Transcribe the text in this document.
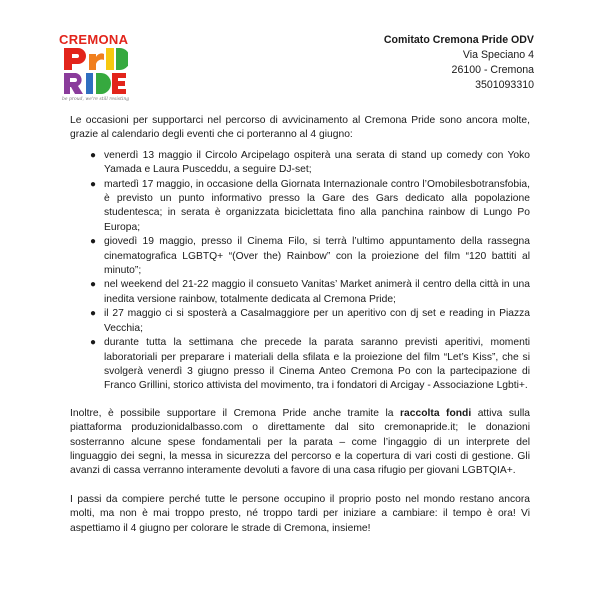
CREMONA
be proud, we're still resisting
Comitato Cremona Pride ODV
Via Speciano 4
26100 - Cremona
3501093310

Le occasioni per supportarci nel percorso di avvicinamento al Cremona Pride sono ancora molte, grazie al calendario degli eventi che ci porteranno al 4 giugno:

● venerdì 13 maggio il Circolo Arcipelago ospiterà una serata di stand up comedy con Yoko Yamada e Laura Pusceddu, a seguire DJ-set;
● martedì 17 maggio, in occasione della Giornata Internazionale contro l’Omobilesbotransfobia, è previsto un punto informativo presso la Gare des Gars dedicato alla popolazione studentesca; in serata è organizzata biciclettata fino alla panchina rainbow di Lungo Po Europa;
● giovedì 19 maggio, presso il Cinema Filo, si terrà l’ultimo appuntamento della rassegna cinematografica LGBTQ+ “(Over the) Rainbow” con la proiezione del film “120 battiti al minuto”;
● nel weekend del 21-22 maggio il consueto Vanitas’ Market animerà il centro della città in una inedita versione rainbow, totalmente dedicata al Cremona Pride;
● il 27 maggio ci si sposterà a Casalmaggiore per un aperitivo con dj set e reading in Piazza Vecchia;
● durante tutta la settimana che precede la parata saranno previsti aperitivi, momenti laboratoriali per preparare i materiali della sfilata e la proiezione del film “Let’s Kiss”, che si svolgerà venerdì 3 giugno presso il Cinema Anteo Cremona Po con la partecipazione di Franco Grillini, storico attivista del movimento, tra i fondatori di Arcigay - Associazione Lgbti+.

Inoltre, è possibile supportare il Cremona Pride anche tramite la raccolta fondi attiva sulla piattaforma produzionidalbasso.com o direttamente dal sito cremonapride.it; le donazioni sosterranno alcune spese fondamentali per la parata – come l’ingaggio di un interprete del linguaggio dei segni, la messa in sicurezza del percorso e la copertura di vari costi di gestione. Gli avanzi di cassa verranno interamente devoluti a favore di una casa rifugio per giovani LGBTQIA+.

I passi da compiere perché tutte le persone occupino il proprio posto nel mondo restano ancora molti, ma non è mai troppo presto, né troppo tardi per iniziare a cambiare: il tempo è ora! Vi aspettiamo il 4 giugno per colorare le strade di Cremona, insieme!
